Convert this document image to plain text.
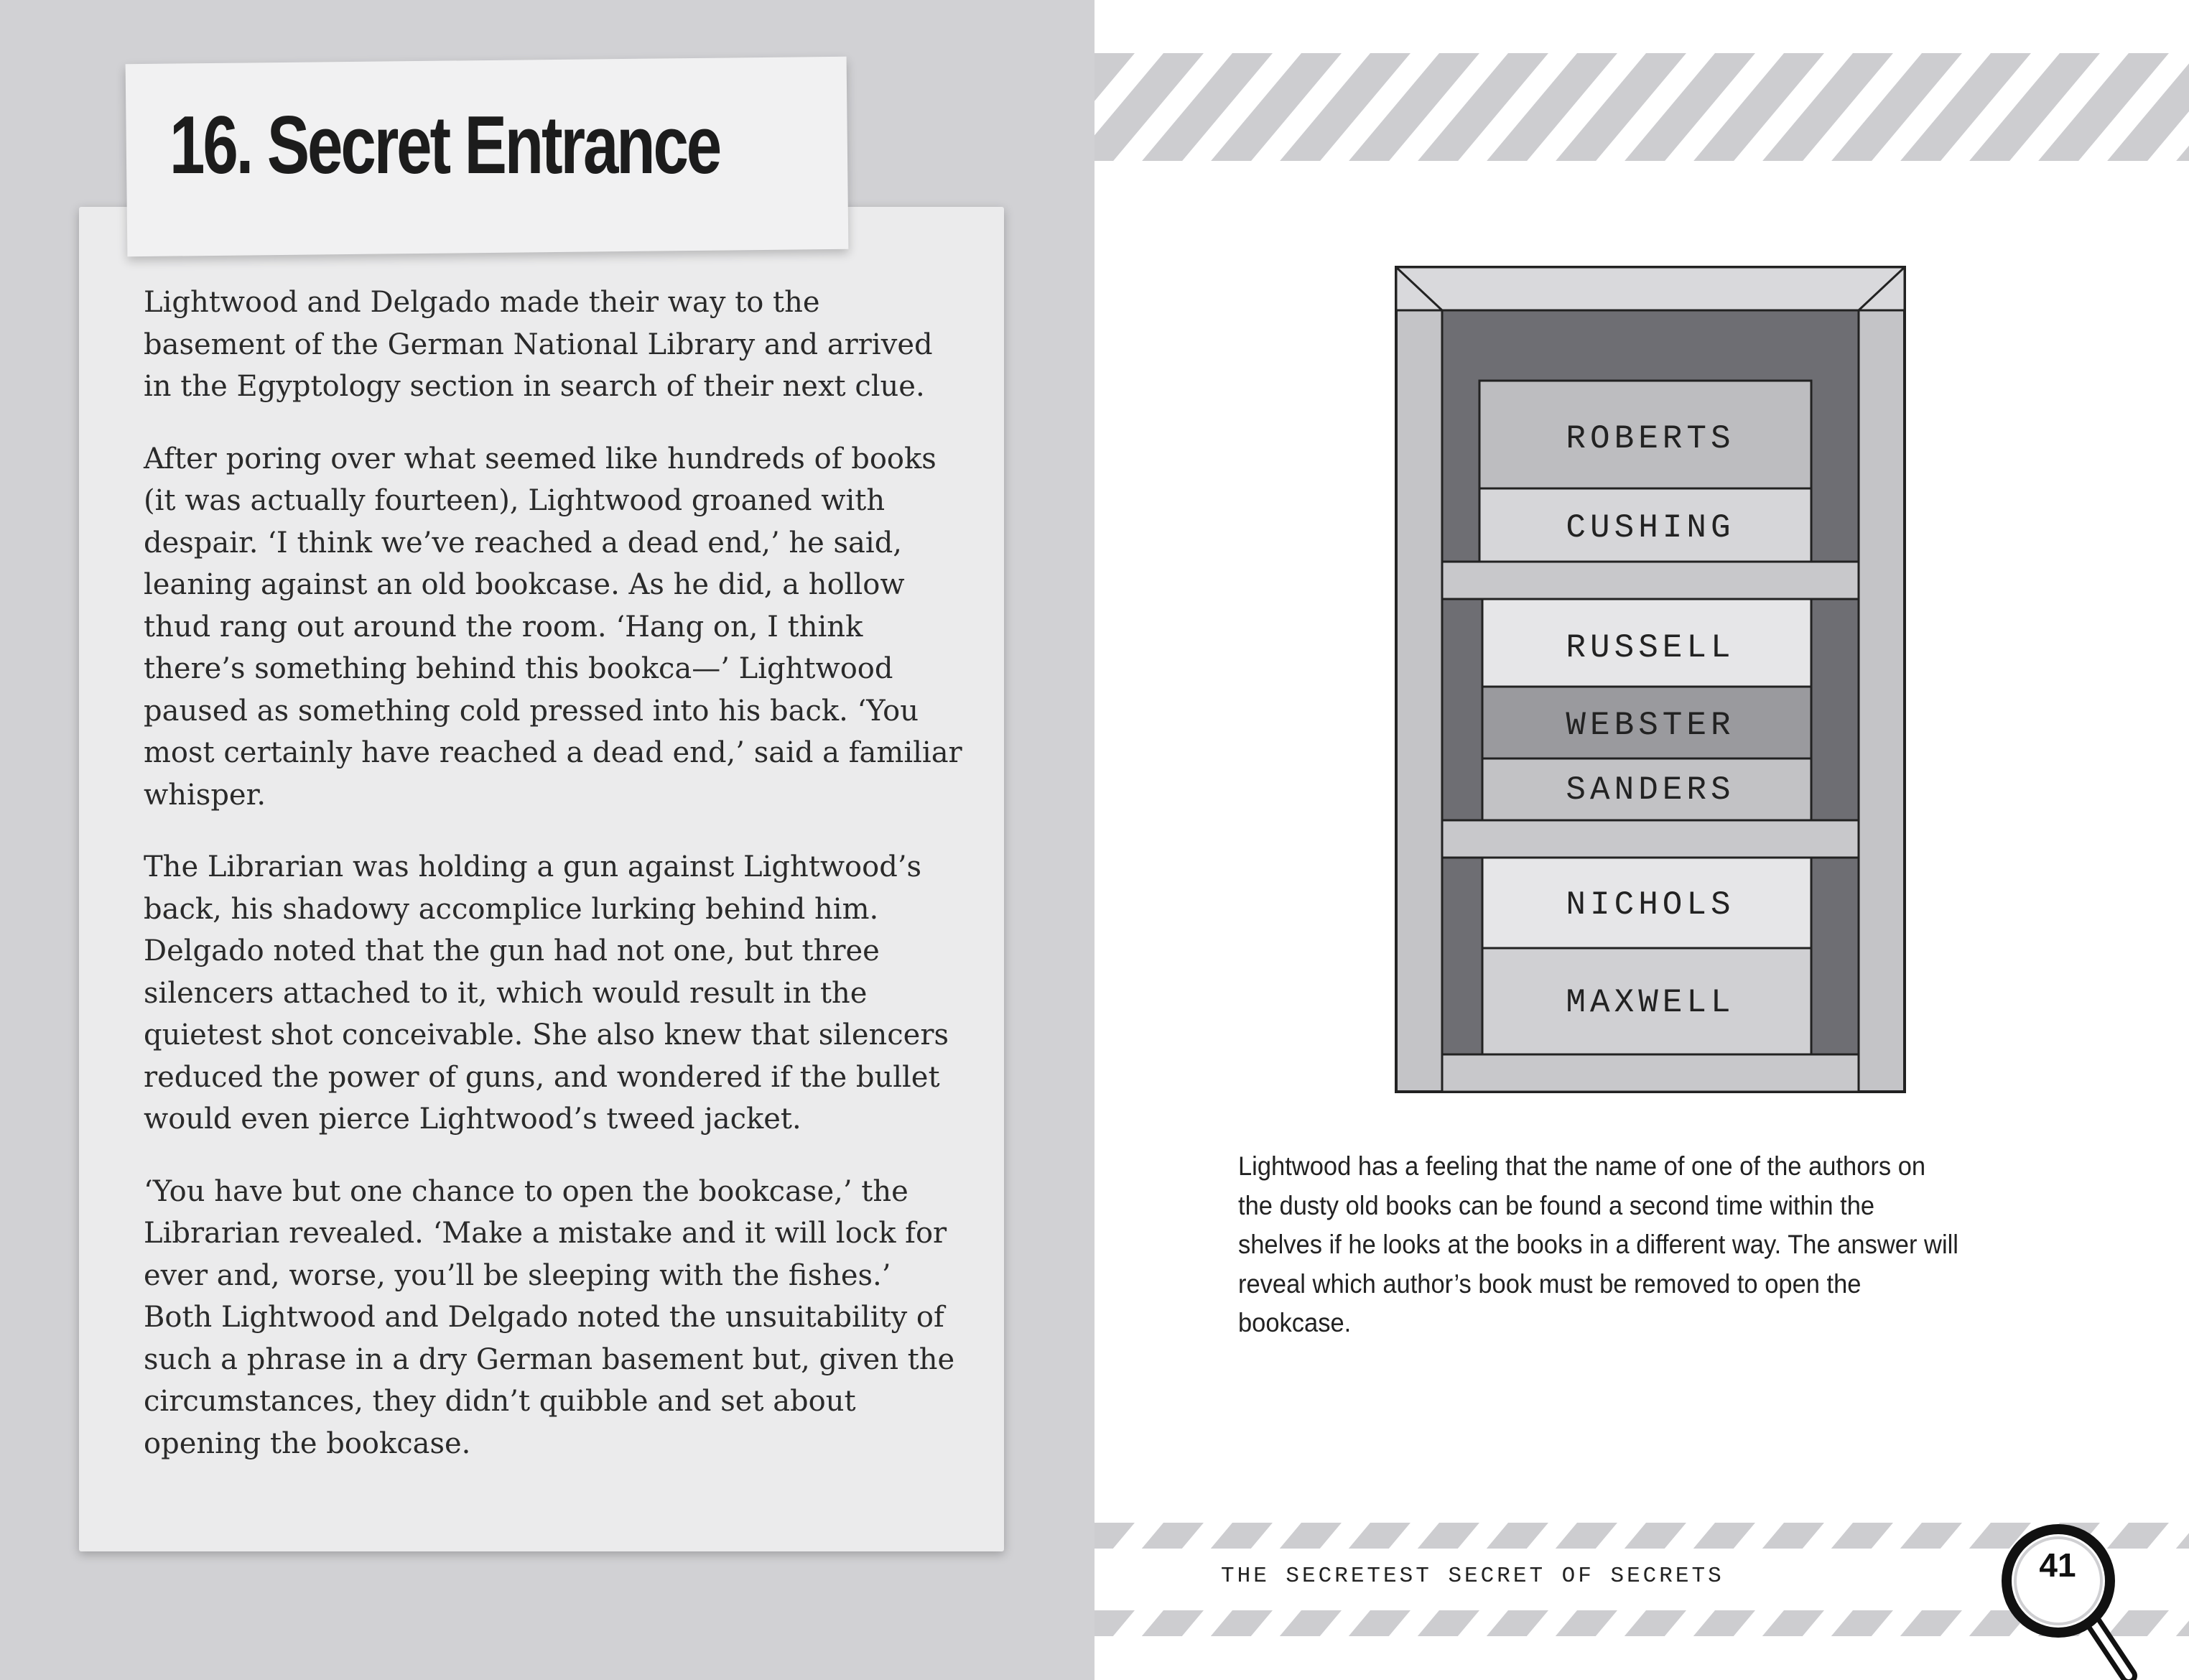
16. Secret Entrance

Lightwood and Delgado made their way to the basement of the German National Library and arrived in the Egyptology section in search of their next clue.

After poring over what seemed like hundreds of books (it was actually fourteen), Lightwood groaned with despair. ‘I think we’ve reached a dead end,’ he said, leaning against an old bookcase. As he did, a hollow thud rang out around the room. ‘Hang on, I think there’s something behind this bookca—’ Lightwood paused as something cold pressed into his back. ‘You most certainly have reached a dead end,’ said a familiar whisper.

The Librarian was holding a gun against Lightwood’s back, his shadowy accomplice lurking behind him. Delgado noted that the gun had not one, but three silencers attached to it, which would result in the quietest shot conceivable. She also knew that silencers reduced the power of guns, and wondered if the bullet would even pierce Lightwood’s tweed jacket.

‘You have but one chance to open the bookcase,’ the Librarian revealed. ‘Make a mistake and it will lock for ever and, worse, you’ll be sleeping with the fishes.’ Both Lightwood and Delgado noted the unsuitability of such a phrase in a dry German basement but, given the circumstances, they didn’t quibble and set about opening the bookcase.

ROBERTS
CUSHING
RUSSELL
WEBSTER
SANDERS
NICHOLS
MAXWELL
Lightwood has a feeling that the name of one of the authors on the dusty old books can be found a second time within the shelves if he looks at the books in a different way. The answer will reveal which author’s book must be removed to open the bookcase.
THE SECRETEST SECRET OF SECRETS	41
